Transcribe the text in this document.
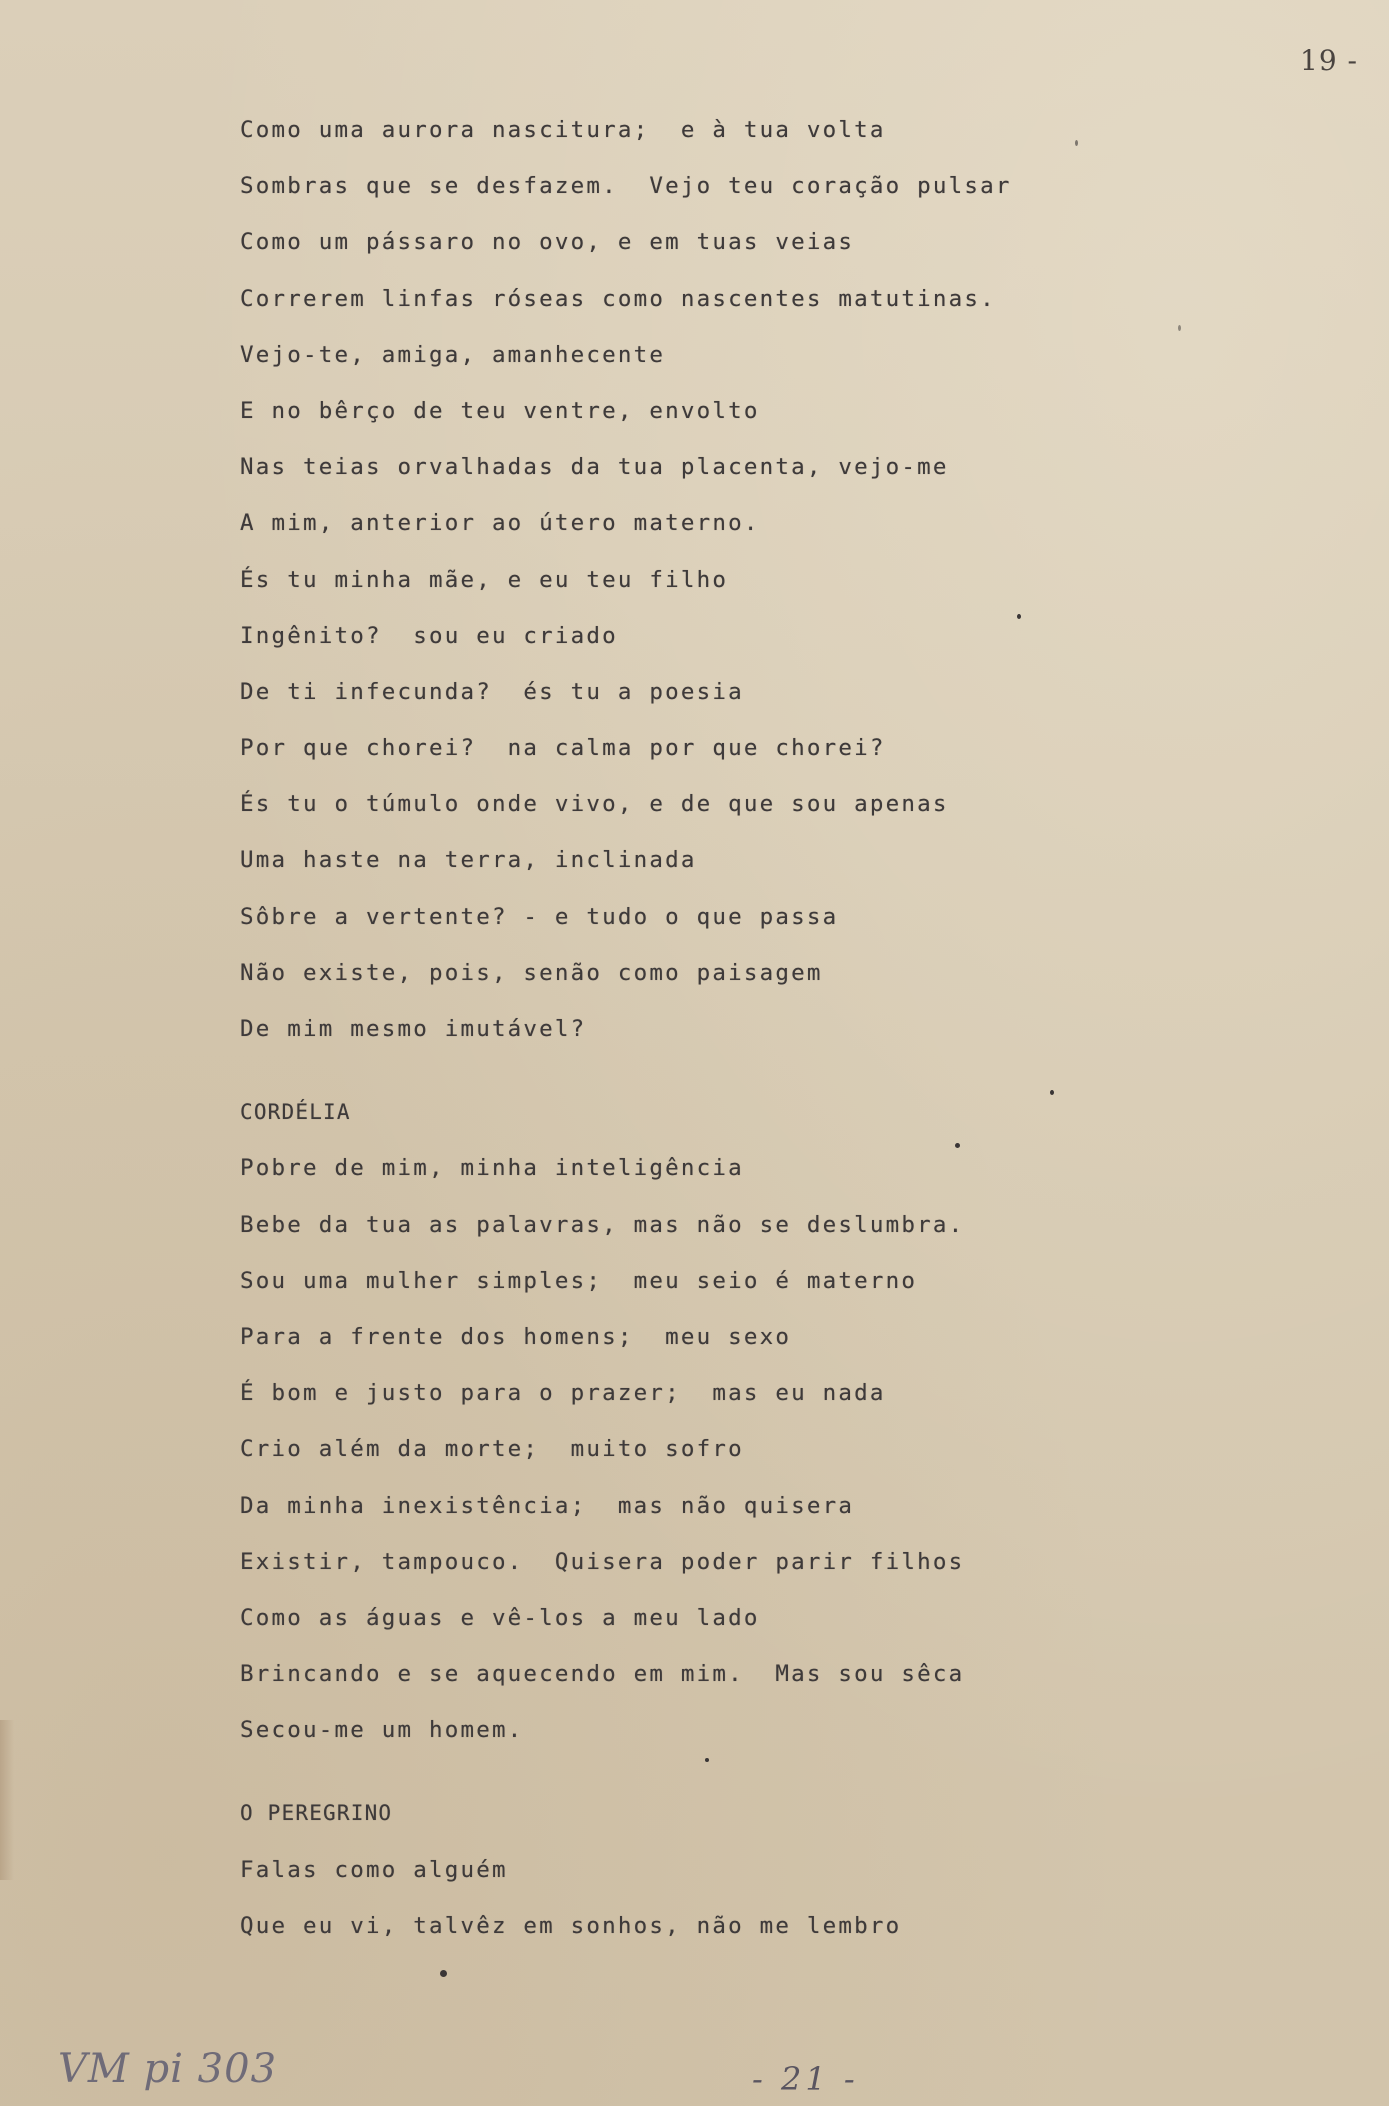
19 -
Como uma aurora nascitura;  e à tua volta
Sombras que se desfazem.  Vejo teu coração pulsar
Como um pássaro no ovo, e em tuas veias
Correrem linfas róseas como nascentes matutinas.
Vejo-te, amiga, amanhecente
E no bêrço de teu ventre, envolto
Nas teias orvalhadas da tua placenta, vejo-me
A mim, anterior ao útero materno.
És tu minha mãe, e eu teu filho
Ingênito?  sou eu criado
De ti infecunda?  és tu a poesia
Por que chorei?  na calma por que chorei?
És tu o túmulo onde vivo, e de que sou apenas
Uma haste na terra, inclinada
Sôbre a vertente? - e tudo o que passa
Não existe, pois, senão como paisagem
De mim mesmo imutável?
CORDÉLIA
Pobre de mim, minha inteligência
Bebe da tua as palavras, mas não se deslumbra.
Sou uma mulher simples;  meu seio é materno
Para a frente dos homens;  meu sexo
É bom e justo para o prazer;  mas eu nada
Crio além da morte;  muito sofro
Da minha inexistência;  mas não quisera
Existir, tampouco.  Quisera poder parir filhos
Como as águas e vê-los a meu lado
Brincando e se aquecendo em mim.  Mas sou sêca
Secou-me um homem.
O PEREGRINO
Falas como alguém
Que eu vi, talvêz em sonhos, não me lembro
VM pi 303	- 21 -
